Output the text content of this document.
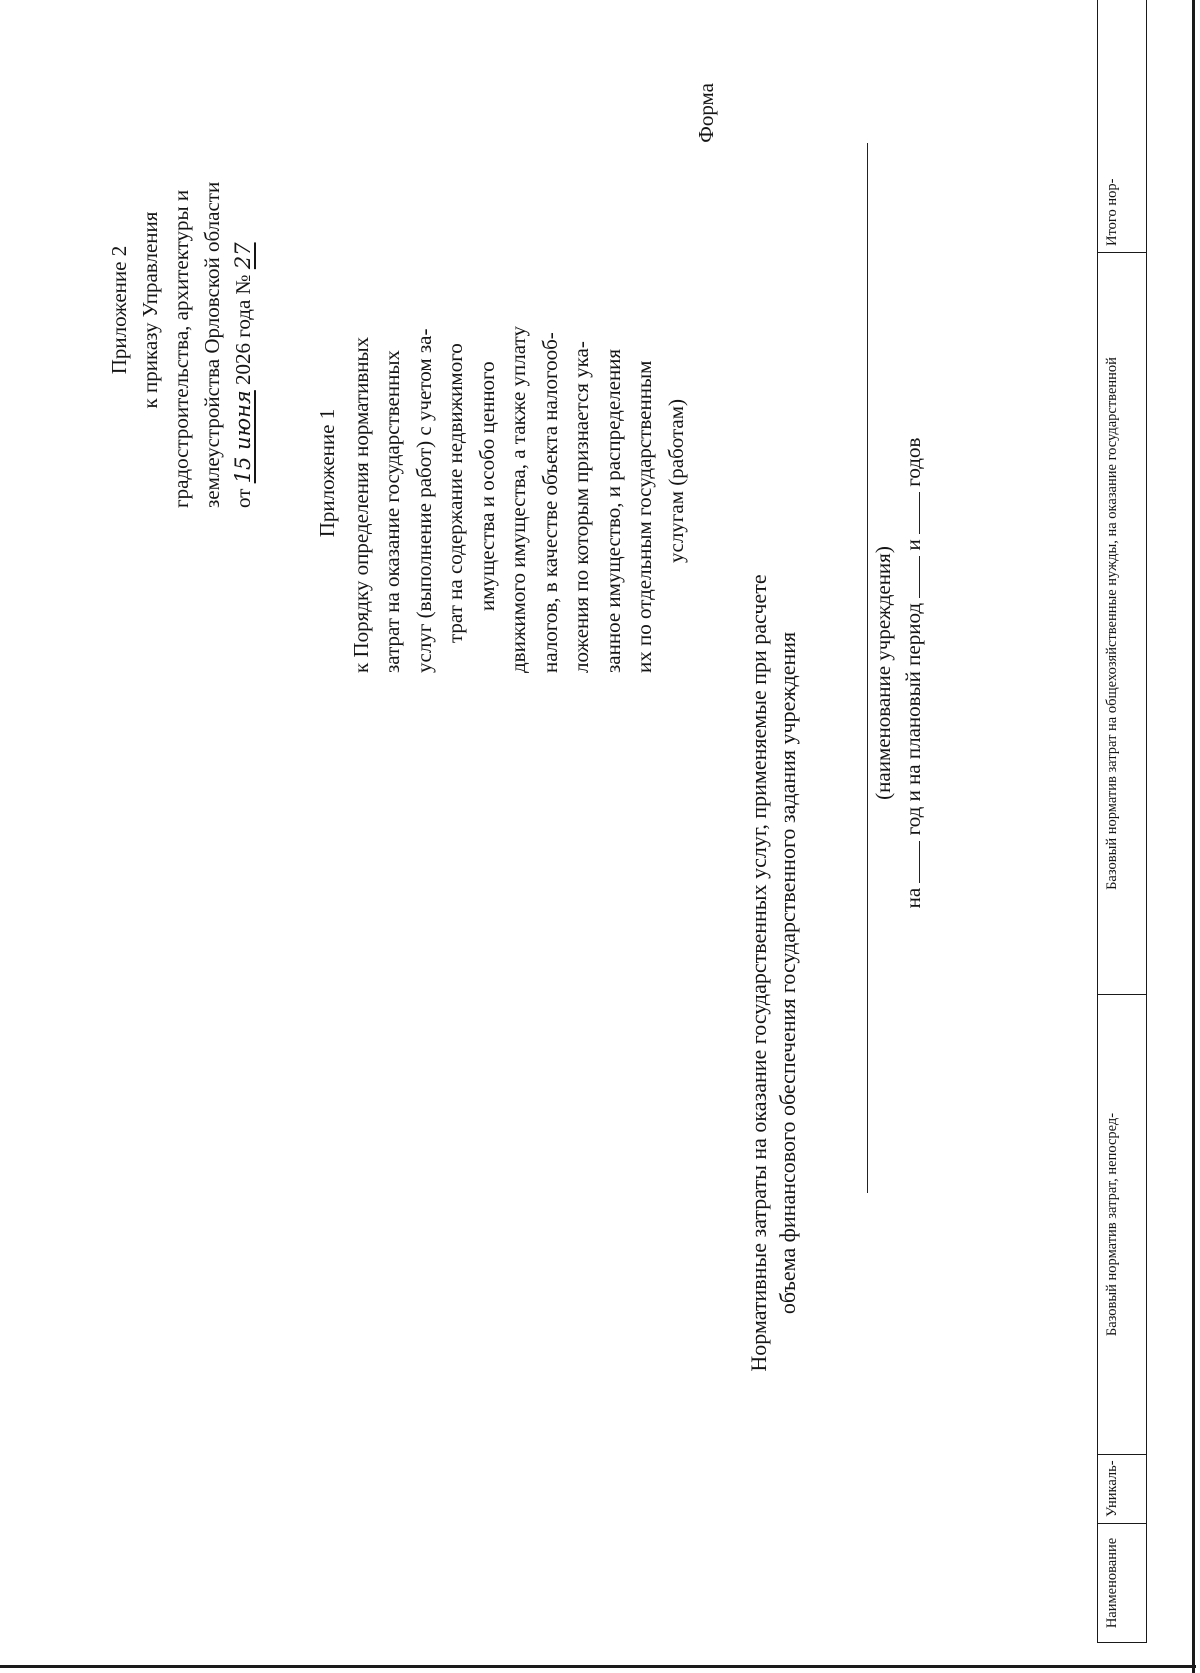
Приложение 2 к приказу Управления градостроительства, архитектуры и землеустройства Орловской области от 15 июня 2026 года № 27
Приложение 1 к Порядку определения нормативных затрат на оказание государственных услуг (выполнение работ) с учетом за- трат на содержание недвижимого имущества и особо ценного движимого имущества, а также уплату налогов, в качестве объекта налогооб- ложения по которым признается ука- занное имущество, и распределения их по отдельным государственным услугам (работам)
Форма
Нормативные затраты на оказание государственных услуг, применяемые при расчете объема финансового обеспечения государственного задания учреждения	(наименование учреждения)
на  год и на плановый период  и  годов
Наименование
Уникаль-
Базовый норматив затрат, непосред-
Базовый норматив затрат на общехозяйственные нужды, на оказание государственной
Итого нор-
